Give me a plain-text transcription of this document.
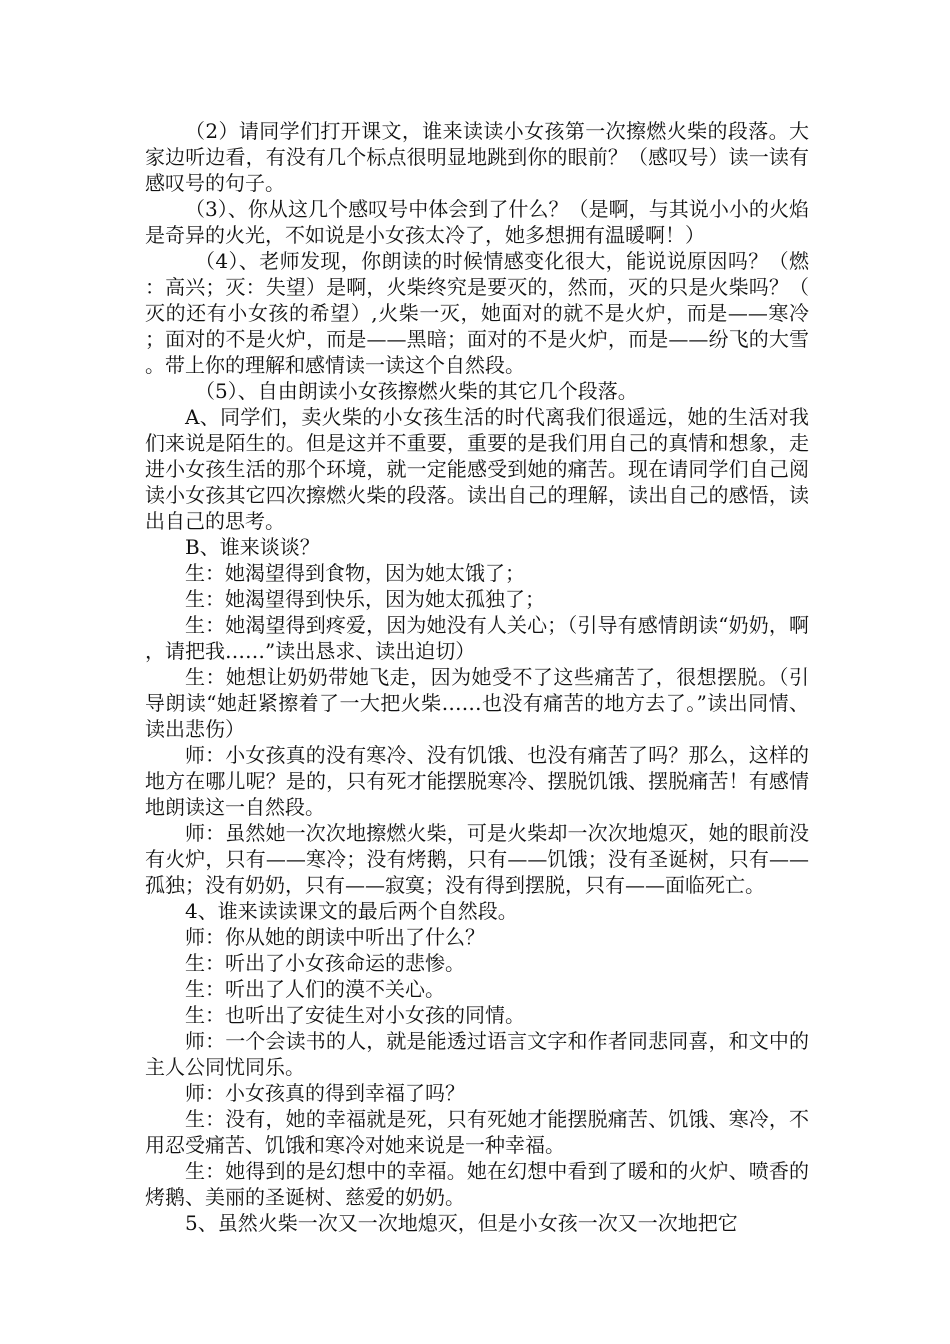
（2）请同学们打开课文，谁来读读小女孩第一次擦燃火柴的段落。大家边听边看，有没有几个标点很明显地跳到你的眼前？（感叹号）读一读有感叹号的句子。

（3）、你从这几个感叹号中体会到了什么？（是啊，与其说小小的火焰是奇异的火光，不如说是小女孩太冷了，她多想拥有温暖啊！）

（4）、老师发现，你朗读的时候情感变化很大，能说说原因吗？（燃：高兴；灭：失望）是啊，火柴终究是要灭的，然而，灭的只是火柴吗？（灭的还有小女孩的希望）,火柴一灭，她面对的就不是火炉，而是——寒冷；面对的不是火炉，而是——黑暗；面对的不是火炉，而是——纷飞的大雪。带上你的理解和感情读一读这个自然段。

（5）、自由朗读小女孩擦燃火柴的其它几个段落。

A、同学们，卖火柴的小女孩生活的时代离我们很遥远，她的生活对我们来说是陌生的。但是这并不重要，重要的是我们用自己的真情和想象，走进小女孩生活的那个环境，就一定能感受到她的痛苦。现在请同学们自己阅读小女孩其它四次擦燃火柴的段落。读出自己的理解，读出自己的感悟，读出自己的思考。

B、谁来谈谈？

生：她渴望得到食物，因为她太饿了；

生：她渴望得到快乐，因为她太孤独了；

生：她渴望得到疼爱，因为她没有人关心；（引导有感情朗读“奶奶，啊，请把我……”读出恳求、读出迫切）

生：她想让奶奶带她飞走，因为她受不了这些痛苦了，很想摆脱。（引导朗读“她赶紧擦着了一大把火柴……也没有痛苦的地方去了。”读出同情、读出悲伤）

师：小女孩真的没有寒冷、没有饥饿、也没有痛苦了吗？那么，这样的地方在哪儿呢？是的，只有死才能摆脱寒冷、摆脱饥饿、摆脱痛苦！有感情地朗读这一自然段。

师：虽然她一次次地擦燃火柴，可是火柴却一次次地熄灭，她的眼前没有火炉，只有——寒冷；没有烤鹅，只有——饥饿；没有圣诞树，只有——孤独；没有奶奶，只有——寂寞；没有得到摆脱，只有——面临死亡。

4、谁来读读课文的最后两个自然段。

师：你从她的朗读中听出了什么？

生：听出了小女孩命运的悲惨。

生：听出了人们的漠不关心。

生：也听出了安徒生对小女孩的同情。

师：一个会读书的人，就是能透过语言文字和作者同悲同喜，和文中的主人公同忧同乐。

师：小女孩真的得到幸福了吗？

生：没有，她的幸福就是死，只有死她才能摆脱痛苦、饥饿、寒冷，不用忍受痛苦、饥饿和寒冷对她来说是一种幸福。

生：她得到的是幻想中的幸福。她在幻想中看到了暖和的火炉、喷香的烤鹅、美丽的圣诞树、慈爱的奶奶。

5、虽然火柴一次又一次地熄灭，但是小女孩一次又一次地把它
